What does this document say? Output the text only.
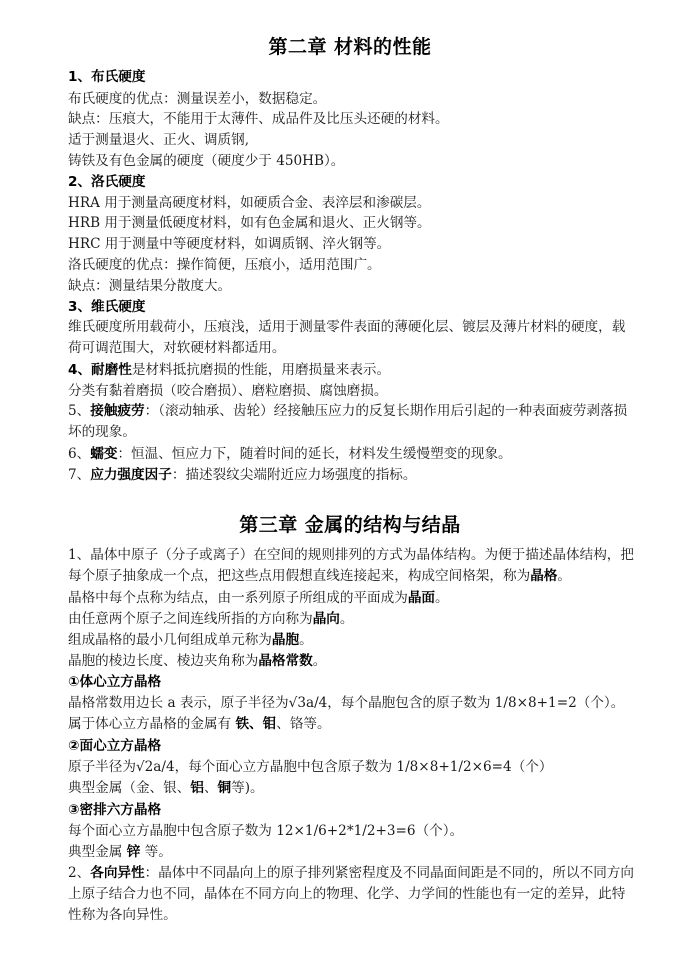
第二章 材料的性能
1、布氏硬度
布氏硬度的优点：测量误差小，数据稳定。
缺点：压痕大，不能用于太薄件、成品件及比压头还硬的材料。
适于测量退火、正火、调质钢,
铸铁及有色金属的硬度（硬度少于 450HB）。
2、洛氏硬度
HRA 用于测量高硬度材料，如硬质合金、表淬层和渗碳层。
HRB 用于测量低硬度材料，如有色金属和退火、正火钢等。
HRC 用于测量中等硬度材料，如调质钢、淬火钢等。
洛氏硬度的优点：操作简便，压痕小，适用范围广。
缺点：测量结果分散度大。
3、维氏硬度
维氏硬度所用载荷小，压痕浅，适用于测量零件表面的薄硬化层、镀层及薄片材料的硬度，载荷可调范围大，对软硬材料都适用。
4、耐磨性是材料抵抗磨损的性能，用磨损量来表示。
分类有黏着磨损（咬合磨损）、磨粒磨损、腐蚀磨损。
5、接触疲劳：（滚动轴承、齿轮）经接触压应力的反复长期作用后引起的一种表面疲劳剥落损坏的现象。
6、蠕变：恒温、恒应力下，随着时间的延长，材料发生缓慢塑变的现象。
7、应力强度因子：描述裂纹尖端附近应力场强度的指标。
第三章 金属的结构与结晶
1、晶体中原子（分子或离子）在空间的规则排列的方式为晶体结构。为便于描述晶体结构，把每个原子抽象成一个点，把这些点用假想直线连接起来，构成空间格架，称为晶格。
晶格中每个点称为结点，由一系列原子所组成的平面成为晶面。
由任意两个原子之间连线所指的方向称为晶向。
组成晶格的最小几何组成单元称为晶胞。
晶胞的棱边长度、棱边夹角称为晶格常数。
①体心立方晶格
晶格常数用边长 a 表示，原子半径为√3a/4，每个晶胞包含的原子数为 1/8×8+1=2（个）。
属于体心立方晶格的金属有 铁、钼、铬等。
②面心立方晶格
原子半径为√2a/4，每个面心立方晶胞中包含原子数为 1/8×8+1/2×6=4（个）
典型金属（金、银、铝、铜等)。
③密排六方晶格
每个面心立方晶胞中包含原子数为 12×1/6+2*1/2+3=6（个）。
典型金属 锌 等。
2、各向异性：晶体中不同晶向上的原子排列紧密程度及不同晶面间距是不同的，所以不同方向上原子结合力也不同，晶体在不同方向上的物理、化学、力学间的性能也有一定的差异，此特性称为各向异性。
